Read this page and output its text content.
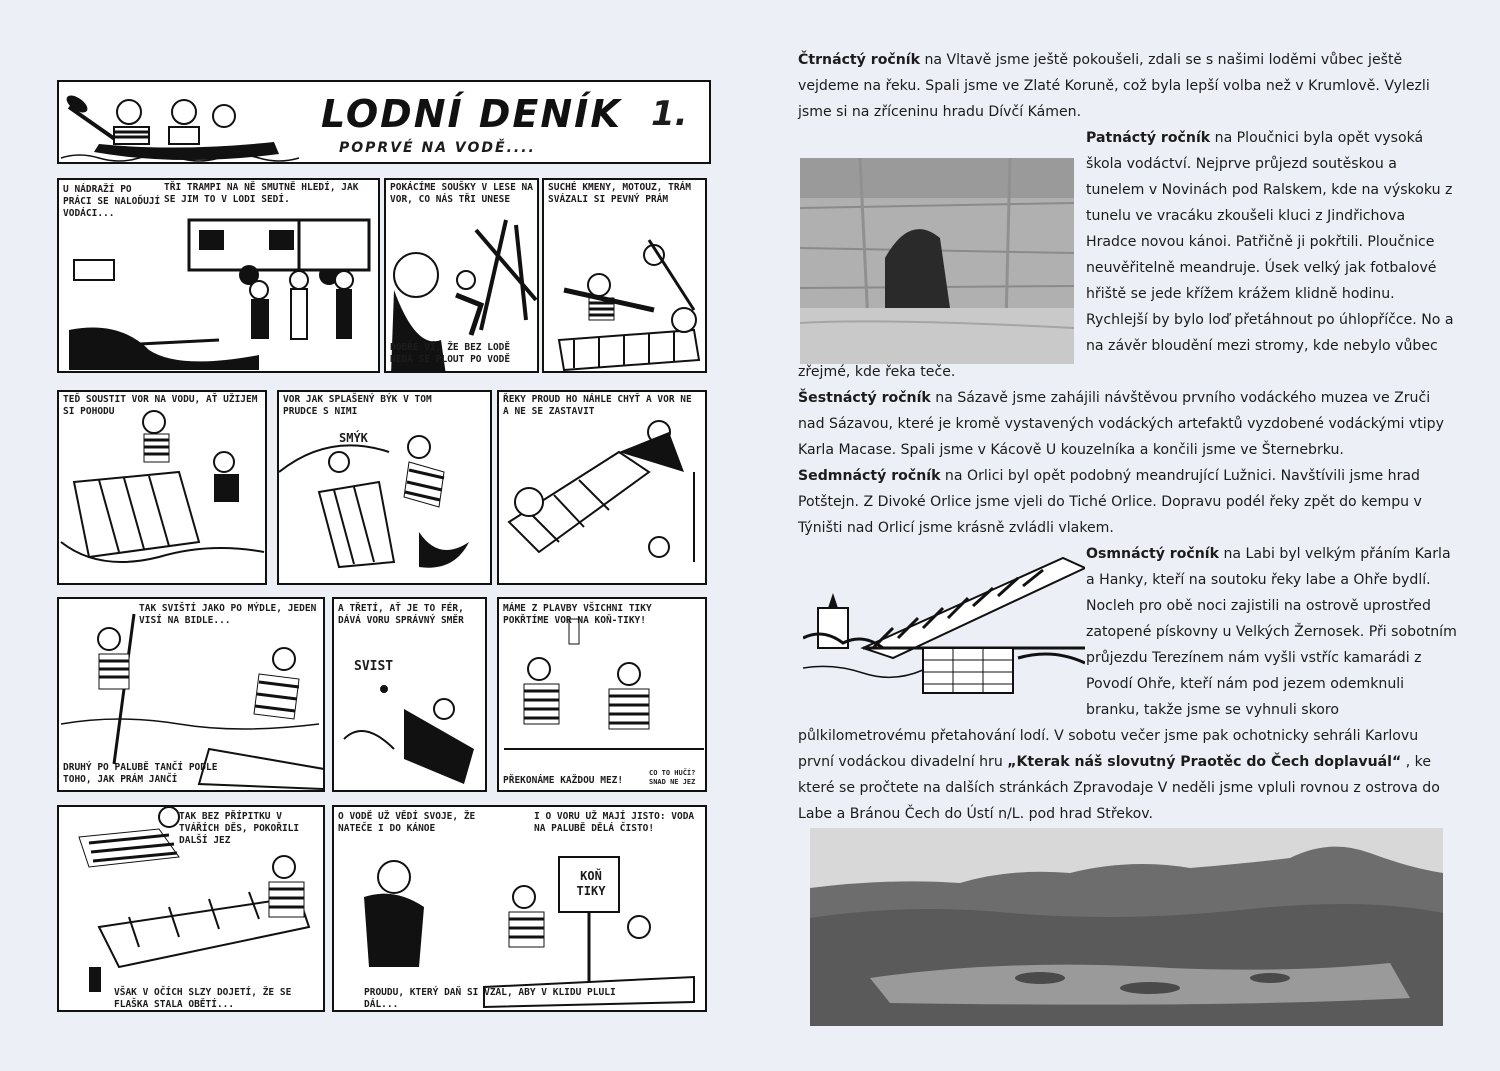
LODNÍ DENÍK 1.
POPRVÉ NA VODĚ....
U NÁDRAŽÍ PO PRÁCI SE NALOĎUJÍ VODÁCI...
TŘI TRAMPI NA NĚ SMUTNĚ HLEDÍ, JAK SE JIM TO V LODI SEDÍ.
POKÁCÍME SOUŠKY V LESE NA VOR, CO NÁS TŘI UNESE
DOBŘE VÍ, ŽE BEZ LODĚ NEDÁ SE PLOUT PO VODĚ
SUCHÉ KMENY, MOTOUZ, TRÁM SVÁZALI SI PEVNÝ PRÁM
TEĎ SOUSTIT VOR NA VODU, AŤ UŽIJEM SI POHODU
VOR JAK SPLAŠENÝ BÝK V TOM PRUDCE S NIMI
SMÝK
ŘEKY PROUD HO NÁHLE CHYŤ A VOR NE A NE SE ZASTAVIT
TAK SVIŠTÍ JAKO PO MÝDLE, JEDEN VISÍ NA BIDLE...
DRUHÝ PO PALUBĚ TANČÍ PODLE TOHO, JAK PRÁM JANČÍ
A TŘETÍ, AŤ JE TO FÉR, DÁVÁ VORU SPRÁVNÝ SMĚR
SVIST
MÁME Z PLAVBY VŠICHNI TIKY POKŘTÍME VOR NA KOŇ-TIKY!
PŘEKONÁME KAŽDOU MEZ!
CO TO HUČÍ? SNAD NE JEZ
TAK BEZ PŘÍPITKU V TVÁŘÍCH DĚS, POKOŘILI DALŠÍ JEZ
VŠAK V OČÍCH SLZY DOJETÍ, ŽE SE FLAŠKA STALA OBĚTÍ...
O VODĚ UŽ VĚDÍ SVOJE, ŽE NATEČE I DO KÁNOE
I O VORU UŽ MAJÍ JISTO: VODA NA PALUBĚ DĚLÁ ČISTO!
KOŇ TIKY
PROUDU, KTERÝ DAŇ SI VZAL, ABY V KLIDU PLULI DÁL...

Čtrnáctý ročník na Vltavě jsme ještě pokoušeli, zdali se s našimi loděmi vůbec ještě vejdeme na řeku. Spali jsme ve Zlaté Koruně, což byla lepší volba než v Krumlově. Vylezli jsme si na zříceninu hradu Dívčí Kámen.

Patnáctý ročník na Ploučnici byla opět vysoká škola vodáctví. Nejprve průjezd soutěskou a tunelem v Novinách pod Ralskem, kde na výskoku z tunelu ve vracáku zkoušeli kluci z Jindřichova Hradce novou kánoi. Patřičně ji pokřtili. Ploučnice neuvěřitelně meandruje. Úsek velký jak fotbalové hřiště se jede křížem krážem klidně hodinu. Rychlejší by bylo loď přetáhnout po úhlopříčce. No a na závěr bloudění mezi stromy, kde nebylo vůbec zřejmé, kde řeka teče.

Šestnáctý ročník na Sázavě jsme zahájili návštěvou prvního vodáckého muzea ve Zruči nad Sázavou, které je kromě vystavených vodáckých artefaktů vyzdobené vodáckými vtipy Karla Macase. Spali jsme v Kácově U kouzelníka a končili jsme ve Šternebrku.

Sedmnáctý ročník na Orlici byl opět podobný meandrující Lužnici. Navštívili jsme hrad Potštejn. Z Divoké Orlice jsme vjeli do Tiché Orlice. Dopravu podél řeky zpět do kempu v Týništi nad Orlicí jsme krásně zvládli vlakem.

Osmnáctý ročník na Labi byl velkým přáním Karla a Hanky, kteří na soutoku řeky labe a Ohře bydlí. Nocleh pro obě noci zajistili na ostrově uprostřed zatopené pískovny u Velkých Žernosek. Při sobotním průjezdu Terezínem nám vyšli vstříc kamarádi z Povodí Ohře, kteří nám pod jezem odemknuli branku, takže jsme se vyhnuli skoro půlkilometrovému přetahování lodí. V sobotu večer jsme pak ochotnicky sehráli Karlovu první vodáckou divadelní hru „Kterak náš slovutný Praotěc do Čech doplavuál“ , ke které se pročtete na dalších stránkách Zpravodaje V neděli jsme vpluli rovnou z ostrova do Labe a Bránou Čech do Ústí n/L. pod hrad Střekov.
